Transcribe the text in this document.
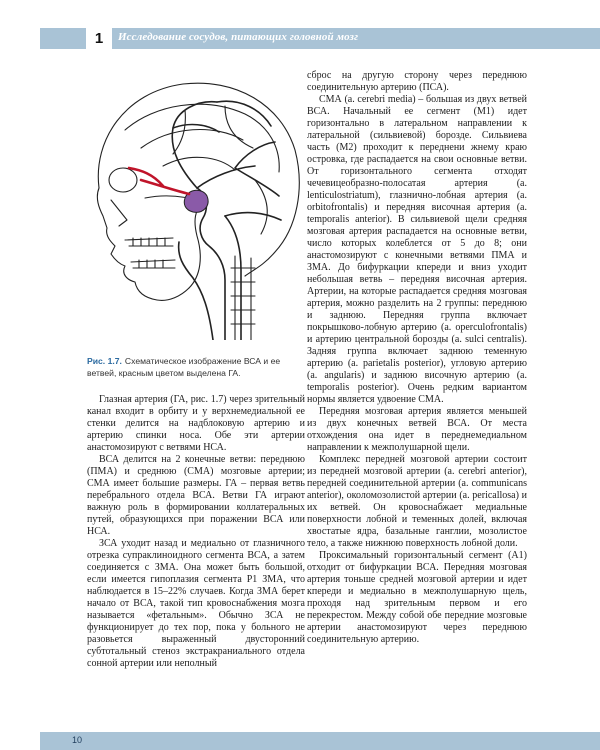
1	Исследование сосудов, питающих головной мозг
Рис. 1.7. Схематическое изображение ВСА и ее ветвей, красным цветом выделена ГА.

Глазная артерия (ГА, рис. 1.7) через зрительный канал входит в орбиту и у верхнемедиальной ее стенки делится на надблоковую артерию и артерию спинки носа. Обе эти артерии анастомозируют с ветвями НСА.

ВСА делится на 2 конечные ветви: переднюю (ПМА) и среднюю (СМА) мозговые артерии; СМА имеет большие размеры. ГА – первая ветвь перебрального отдела ВСА. Ветви ГА играют важную роль в формировании коллатеральных путей, образующихся при поражении ВСА или НСА.

ЗСА уходит назад и медиально от глазничного отрезка супраклиноидного сегмента ВСА, а затем соединяется с ЗМА. Она может быть большой, если имеется гипоплазия сегмента Р1 ЗМА, что наблюдается в 15–22% случаев. Когда ЗМА берет начало от ВСА, такой тип кровоснабжения мозга называется «фетальным». Обычно ЗСА не функционирует до тех пор, пока у больного не разовьется выраженный двусторонний субтотальный стеноз экстракраниального отдела сонной артерии или неполный

сброс на другую сторону через переднюю соединительную артерию (ПСА).

СМА (a. cerebri media) – большая из двух ветвей ВСА. Начальный ее сегмент (М1) идет горизонтально в латеральном направлении к латеральной (сильвиевой) борозде. Сильвиева часть (М2) проходит к переднени жнему краю островка, где распадается на свои основные ветви. От горизонтального сегмента отходят чечевицеобразно-полосатая артерия (a. lenticulostriatum), глазнично-лобная артерия (a. orbitofrontalis) и передняя височная артерия (a. temporalis anterior). В сильвиевой щели средняя мозговая артерия распадается на основные ветви, число которых колеблется от 5 до 8; они анастомозируют с конечными ветвями ПМА и ЗМА. До бифуркации кпереди и вниз уходит небольшая ветвь – передняя височная артерия. Артерии, на которые распадается средняя мозговая артерия, можно разделить на 2 группы: переднюю и заднюю. Передняя группа включает покрышково-лобную артерию (a. operculofrontalis) и артерию центральной борозды (a. sulci centralis). Задняя группа включает заднюю теменную артерию (a. parietalis posterior), угловую артерию (a. angularis) и заднюю височную артерию (a. temporalis posterior). Очень редким вариантом нормы является удвоение СМА.

Передняя мозговая артерия является меньшей из двух конечных ветвей ВСА. От места отхождения она идет в переднемедиальном направлении к межполушарной щели.

Комплекс передней мозговой артерии состоит из передней мозговой артерии (a. cerebri anterior), передней соединительной артерии (a. communicans anterior), околомозолистой артерии (a. pericallosa) и их ветвей. Он кровоснабжает медиальные поверхности лобной и теменных долей, включая хвостатые ядра, базальные ганглии, мозолистое тело, а также нижнюю поверхность лобной доли.

Проксимальный горизонтальный сегмент (А1) отходит от бифуркации ВСА. Передняя мозговая артерия тоньше средней мозговой артерии и идет кпереди и медиально в межполушарную щель, проходя над зрительным первом и его перекрестом. Между собой обе передние мозговые артерии анастомозируют через переднюю соединительную артерию.

10
